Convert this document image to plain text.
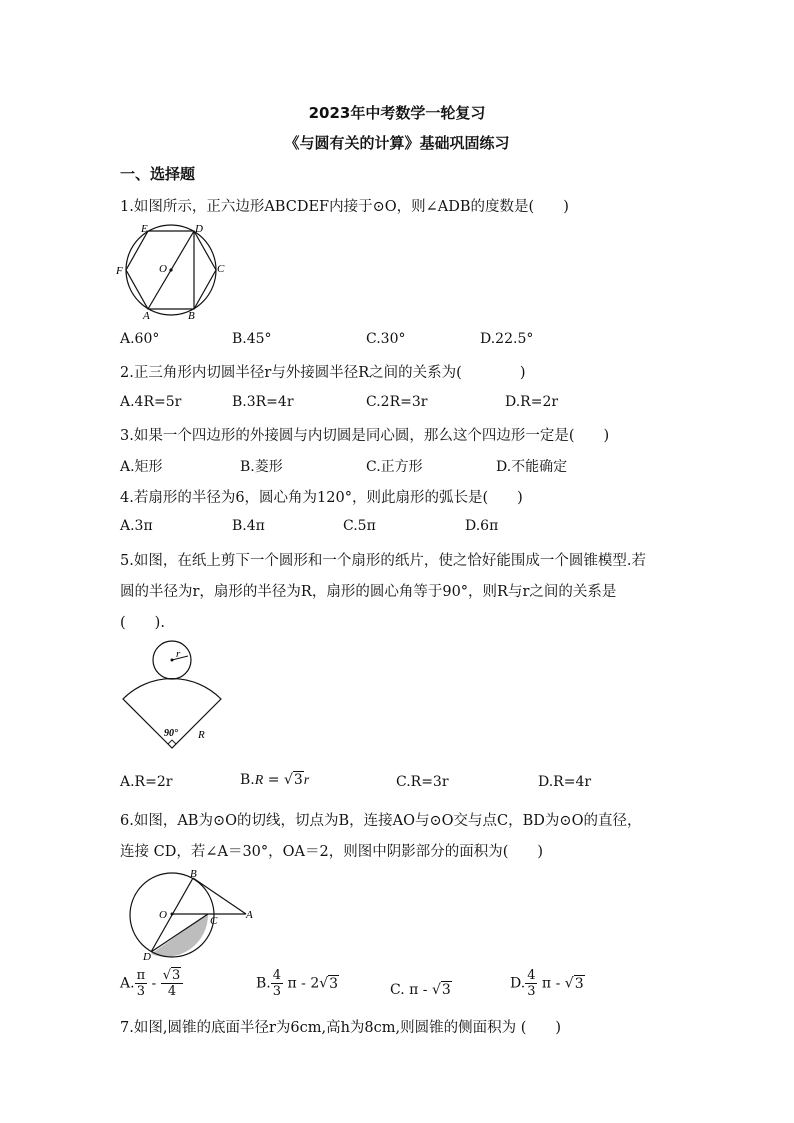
2023年中考数学一轮复习
《与圆有关的计算》基础巩固练习
一、选择题
1.如图所示，正六边形ABCDEF内接于⊙O，则∠ADB的度数是(　　)
E	D
F	C
A	B
O
A.60°	B.45°	C.30°	D.22.5°
2.正三角形内切圆半径r与外接圆半径R之间的关系为(　　　　)
A.4R=5r	B.3R=4r	C.2R=3r	D.R=2r
3.如果一个四边形的外接圆与内切圆是同心圆，那么这个四边形一定是(　　)
A.矩形	B.菱形	C.正方形	D.不能确定
4.若扇形的半径为6，圆心角为120°，则此扇形的弧长是(　　)
A.3π	B.4π	C.5π	D.6π
5.如图，在纸上剪下一个圆形和一个扇形的纸片，使之恰好能围成一个圆锥模型.若
圆的半径为r，扇形的半径为R，扇形的圆心角等于90°，则R与r之间的关系是
(　　).
r
90° R
A.R=2r	B.R = √3r	C.R=3r	D.R=4r
6.如图，AB为⊙O的切线，切点为B，连接AO与⊙O交与点C，BD为⊙O的直径，
连接 CD，若∠A＝30°，OA＝2，则图中阴影部分的面积为(　　)
B
O	C	A
D
A. $\frac{\pi}{3} - \frac{√3}{4}$	B. $\frac{4}{3}$ π - 2√3	C. π - √3	D. $\frac{4}{3}$ π - √3
7.如图,圆锥的底面半径r为6cm,高h为8cm,则圆锥的侧面积为 (　　)
